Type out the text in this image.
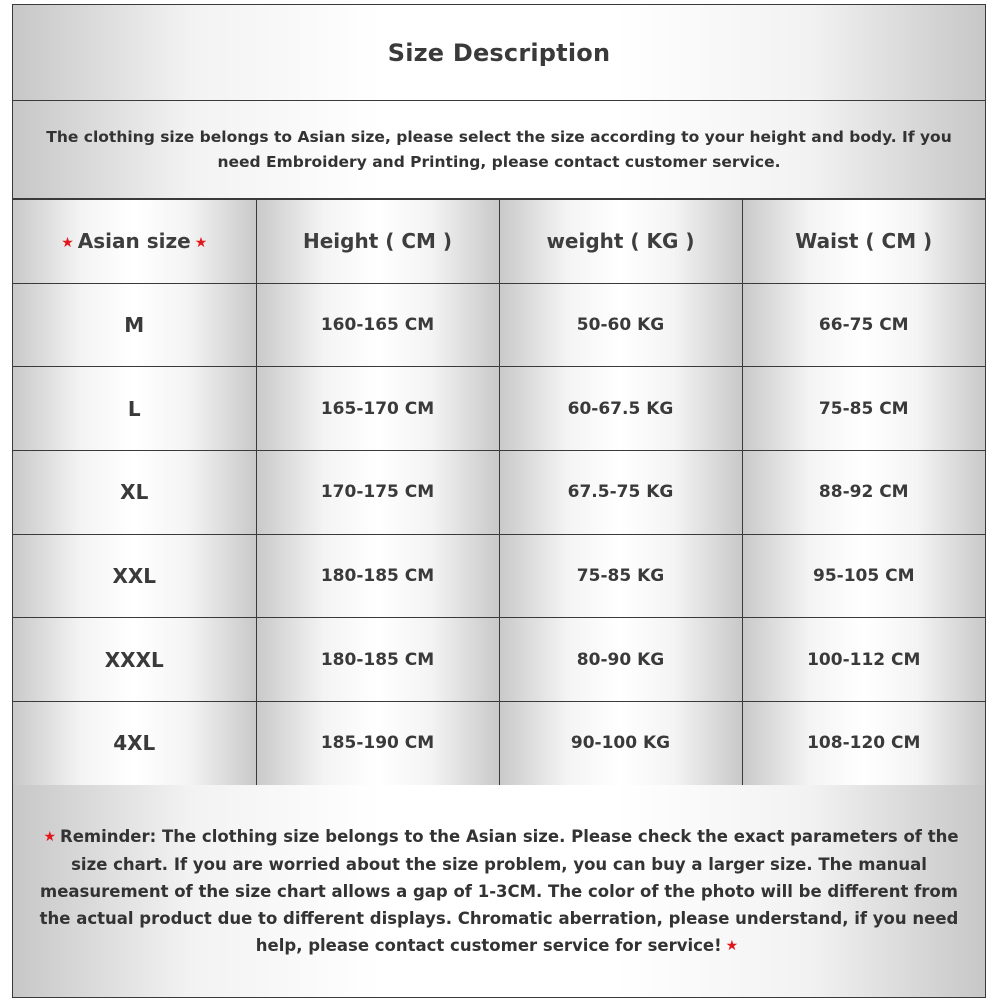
Size Description
The clothing size belongs to Asian size, please select the size according to your height and body. If you need Embroidery and Printing, please contact customer service.
★ Asian size ★	Height ( CM )	weight ( KG )	Waist ( CM )
M	160-165 CM	50-60 KG	66-75 CM
L	165-170 CM	60-67.5 KG	75-85 CM
XL	170-175 CM	67.5-75 KG	88-92 CM
XXL	180-185 CM	75-85 KG	95-105 CM
XXXL	180-185 CM	80-90 KG	100-112 CM
4XL	185-190 CM	90-100 KG	108-120 CM
★ Reminder: The clothing size belongs to the Asian size. Please check the exact parameters of the size chart. If you are worried about the size problem, you can buy a larger size. The manual measurement of the size chart allows a gap of 1-3CM. The color of the photo will be different from the actual product due to different displays. Chromatic aberration, please understand, if you need help, please contact customer service for service! ★
